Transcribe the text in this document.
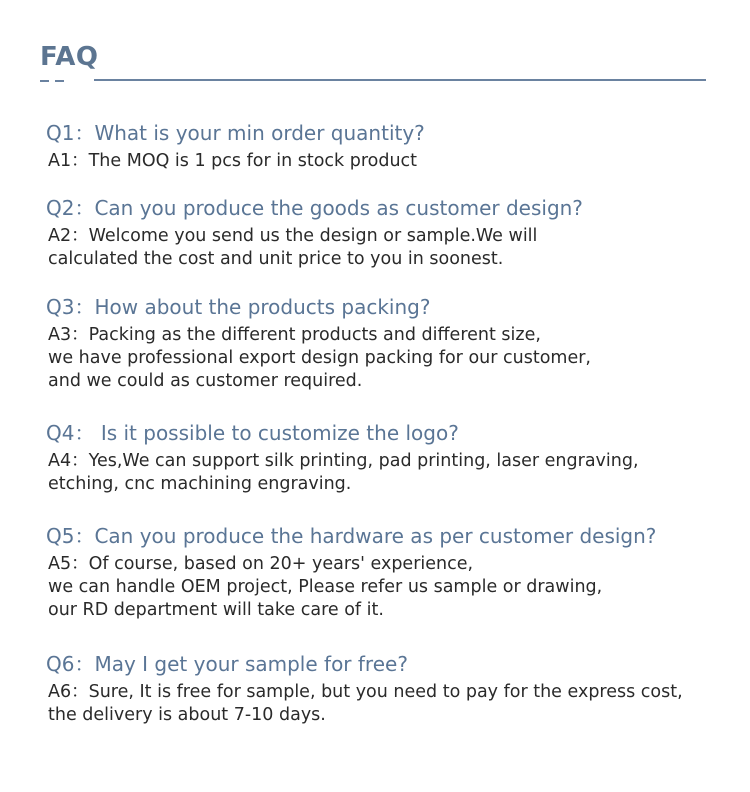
FAQ

Q1：What is your min order quantity?

A1：The MOQ is 1 pcs for in stock product

Q2：Can you produce the goods as customer design?

A2：Welcome you send us the design or sample.We will
calculated the cost and unit price to you in soonest.

Q3：How about the products packing?

A3：Packing as the different products and different size,
we have professional export design packing for our customer,
and we could as customer required.

Q4： Is it possible to customize the logo?

A4：Yes,We can support silk printing, pad printing, laser engraving,
etching, cnc machining engraving.

Q5：Can you produce the hardware as per customer design?

A5：Of course, based on 20+ years' experience,
we can handle OEM project, Please refer us sample or drawing,
our RD department will take care of it.

Q6：May I get your sample for free?

A6：Sure, It is free for sample, but you need to pay for the express cost,
the delivery is about 7-10 days.
